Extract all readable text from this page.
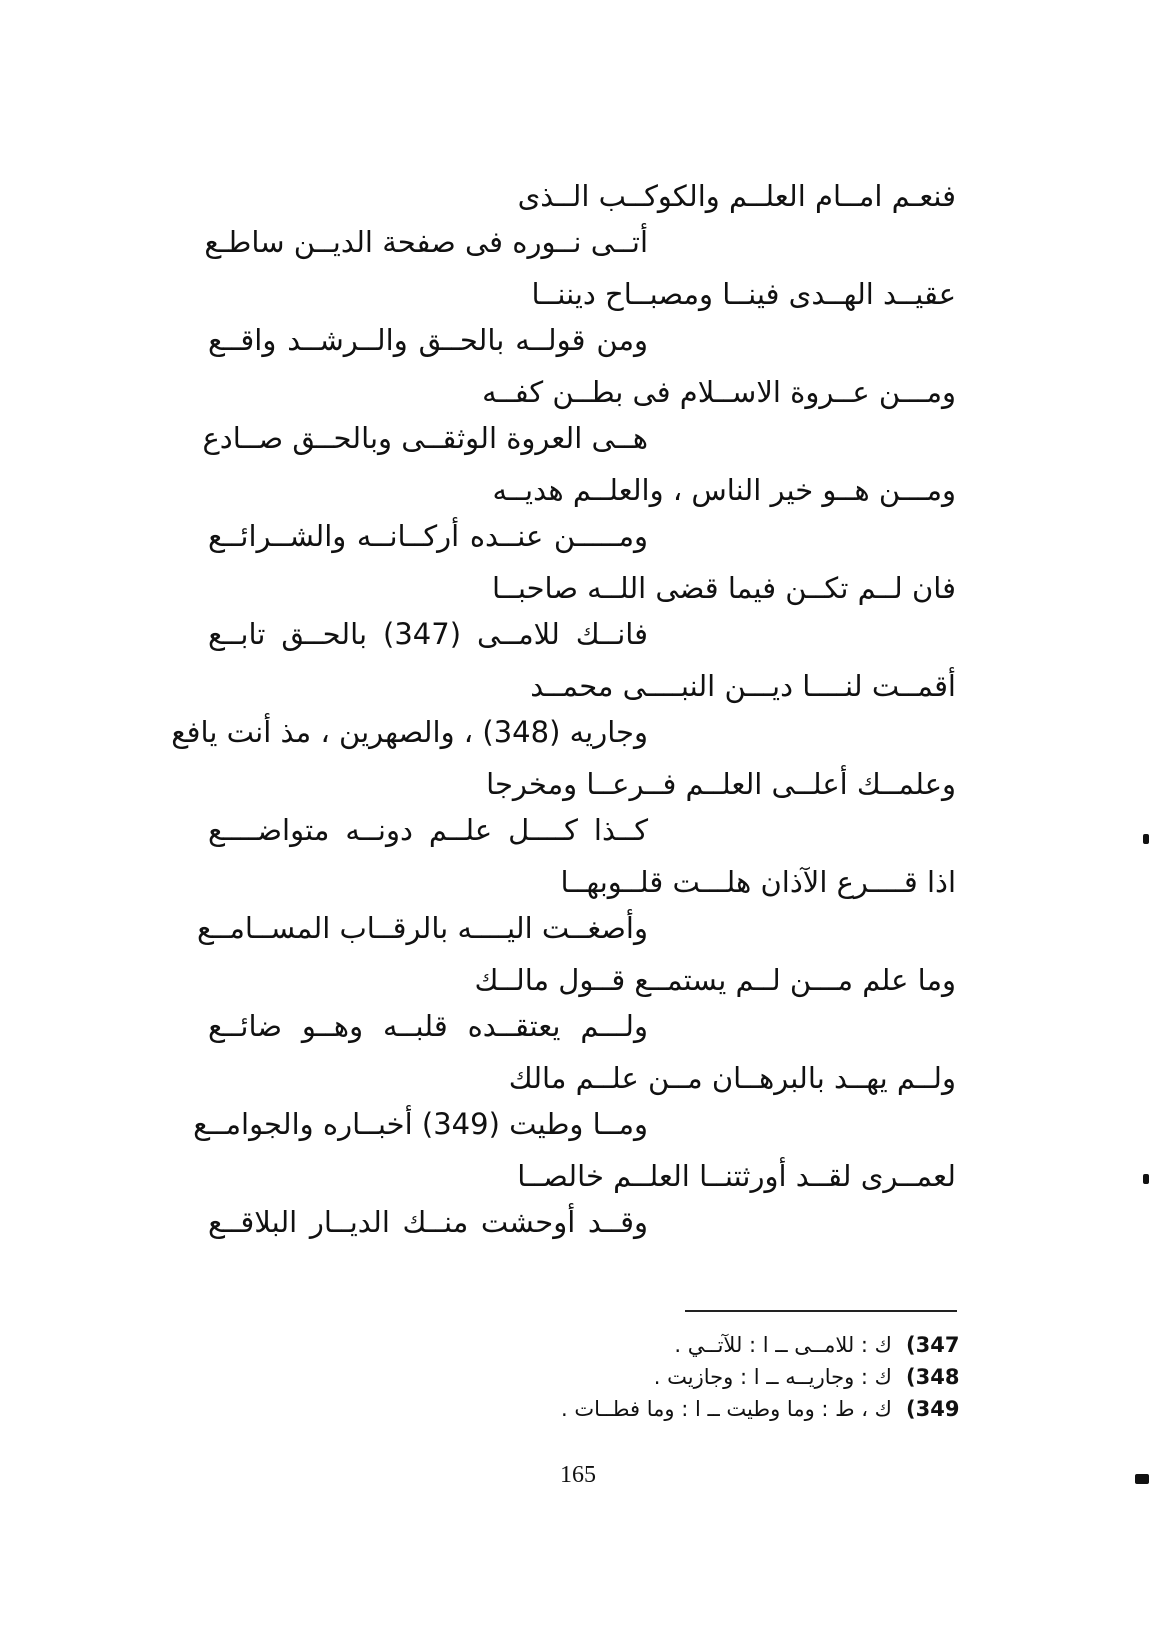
فنعـم امــام العلــم والكوكــب الــذى
أتــى نــوره فى صفحة الديــن ساطـع
عقيــد الهــدى فينــا ومصبــاح ديننــا
ومن قولــه بالحــق والــرشــد واقــع
ومـــن عــروة الاســلام فى بطــن كفــه
هــى العروة الوثقــى وبالحــق صــادع
ومـــن هــو خير الناس ، والعلــم هديــه
ومـــــن عنــده أركــانــه والشــرائــع
فان لــم تكــن فيما قضى اللــه صاحبــا
فانــك للامــى (347) بالحــق تابــع
أقمــت لنــــا ديـــن النبــــى محمــد
وجاريه (348) ، والصهرين ، مذ أنت يافع
وعلمــك أعلــى العلــم فــرعــا ومخرجا
كــذا كــــل علــم دونــه متواضــــع
اذا قــــرع الآذان هلـــت قلــوبهــا
وأصغــت اليــــه بالرقــاب المســامــع
وما علم مـــن لــم يستمــع قــول مالــك
ولـــم يعتقــده قلبــه وهــو ضائــع
ولــم يهــد بالبرهــان مــن علــم مالك
ومــا وطيت (349) أخبــاره والجوامــع
لعمــرى لقــد أورثتنــا العلــم خالصــا
وقــد أوحشت منــك الديــار البلاقــع
(347ك : للامــى ــ ا : للآتــي .
(348ك : وجاريــه ــ ا : وجازيت .
(349ك ، ط : وما وطيت ــ ا : وما فطــات .
165
